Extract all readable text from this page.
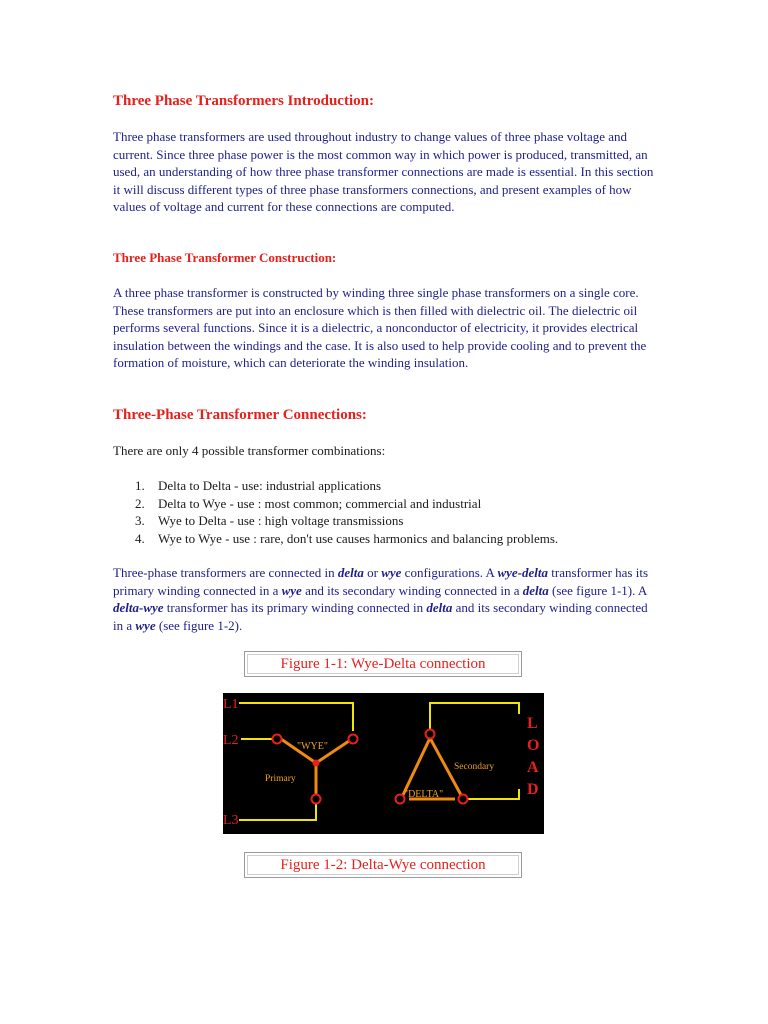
Three Phase Transformers Introduction:

Three phase transformers are used throughout industry to change values of three phase voltage and current. Since three phase power is the most common way in which power is produced, transmitted, an used, an understanding of how three phase transformer connections are made is essential. In this section it will discuss different types of three phase transformers connections, and present examples of how values of voltage and current for these connections are computed.

Three Phase Transformer Construction:

A three phase transformer is constructed by winding three single phase transformers on a single core. These transformers are put into an enclosure which is then filled with dielectric oil. The dielectric oil performs several functions. Since it is a dielectric, a nonconductor of electricity, it provides electrical insulation between the windings and the case. It is also used to help provide cooling and to prevent the formation of moisture, which can deteriorate the winding insulation.

Three-Phase Transformer Connections:

There are only 4 possible transformer combinations:

1. Delta to Delta - use: industrial applications
2. Delta to Wye - use : most common; commercial and industrial
3. Wye to Delta - use : high voltage transmissions
4. Wye to Wye - use : rare, don't use causes harmonics and balancing problems.

Three-phase transformers are connected in delta or wye configurations. A wye-delta transformer has its primary winding connected in a wye and its secondary winding connected in a delta (see figure 1-1). A delta-wye transformer has its primary winding connected in delta and its secondary winding connected in a wye (see figure 1-2).

Figure 1-1: Wye-Delta connection
L1
L2
L3
"WYE"
Primary
Secondary
"DELTA"
L
O
A
D
Figure 1-2: Delta-Wye connection
